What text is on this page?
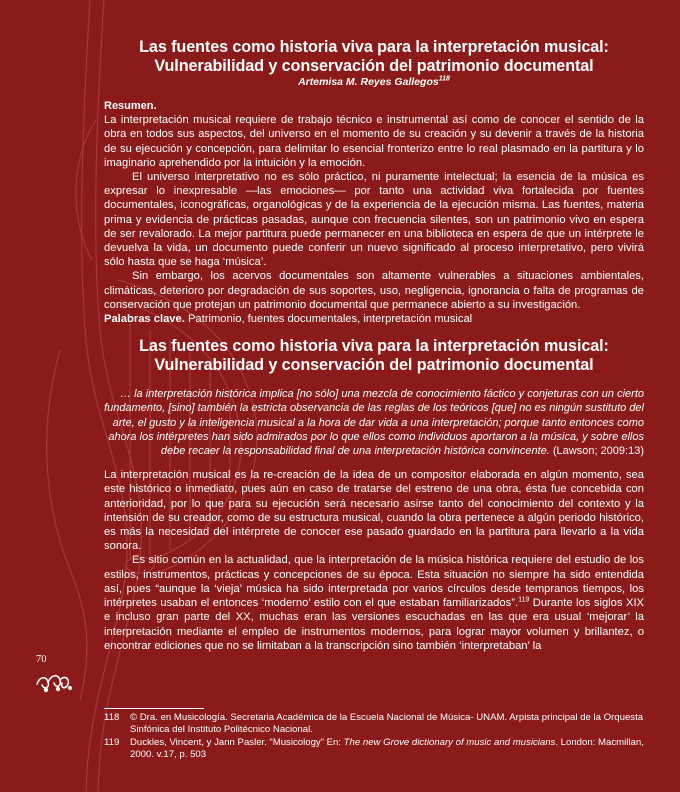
Las fuentes como historia viva para la interpretación musical: Vulnerabilidad y conservación del patrimonio documental

Artemisa M. Reyes Gallegos$^{118}$

Resumen.

La interpretación musical requiere de trabajo técnico e instrumental así como de conocer el sentido de la obra en todos sus aspectos, del universo en el momento de su creación y su devenir a través de la historia de su ejecución y concepción, para delimitar lo esencial fronterizo entre lo real plasmado en la partitura y lo imaginario aprehendido por la intuición y la emoción.

El universo interpretativo no es sólo práctico, ni puramente intelectual; la esencia de la música es expresar lo inexpresable —las emociones— por tanto una actividad viva fortalecida por fuentes documentales, iconográficas, organológicas y de la experiencia de la ejecución misma. Las fuentes, materia prima y evidencia de prácticas pasadas, aunque con frecuencia silentes, son un patrimonio vivo en espera de ser revalorado. La mejor partitura puede permanecer en una biblioteca en espera de que un intérprete le devuelva la vida, un documento puede conferir un nuevo significado al proceso interpretativo, pero vivirá sólo hasta que se haga ‘música’.

Sin embargo, los acervos documentales son altamente vulnerables a situaciones ambientales, climáticas, deterioro por degradación de sus soportes, uso, negligencia, ignorancia o falta de programas de conservación que protejan un patrimonio documental que permanece abierto a su investigación.

Palabras clave. Patrimonio, fuentes documentales, interpretación musical

Las fuentes como historia viva para la interpretación musical: Vulnerabilidad y conservación del patrimonio documental

… la interpretación histórica implica [no sólo] una mezcla de conocimiento fáctico y conjeturas con un cierto fundamento, [sino] también la estricta observancia de las reglas de los teóricos [que] no es ningún sustituto del arte, el gusto y la inteligencia musical a la hora de dar vida a una interpretación; porque tanto entonces como ahora los intérpretes han sido admirados por lo que ellos como individuos aportaron a la música, y sobre ellos debe recaer la responsabilidad final de una interpretación histórica convincente. (Lawson; 2009:13)

La interpretación musical es la re-creación de la idea de un compositor elaborada en algún momento, sea este histórico o inmediato, pues aún en caso de tratarse del estreno de una obra, ésta fue concebida con anterioridad, por lo que para su ejecución será necesario asirse tanto del conocimiento del contexto y la intensión de su creador, como de su estructura musical, cuando la obra pertenece a algún periodo histórico, es más la necesidad del intérprete de conocer ese pasado guardado en la partitura para llevarlo a la vida sonora.

Es sitio común en la actualidad, que la interpretación de la música histórica requiere del estudio de los estilos, instrumentos, prácticas y concepciones de su época. Esta situación no siempre ha sido entendida así, pues “aunque la ‘vieja’ música ha sido interpretada por varios círculos desde tempranos tiempos, los intérpretes usaban el entonces ‘moderno’ estilo con el que estaban familiarizados”.$^{119}$ Durante los siglos XIX e incluso gran parte del XX, muchas eran las versiones escuchadas en las que era usual ‘mejorar’ la interpretación mediante el empleo de instrumentos modernos, para lograr mayor volumen y brillantez, o encontrar ediciones que no se limitaban a la transcripción sino también ‘interpretaban’ la

70
118	© Dra. en Musicología. Secretaria Académica de la Escuela Nacional de Música- UNAM. Arpista principal de la Orquesta Sinfónica del Instituto Politécnico Nacional.
119	Duckles, Vincent, y Jann Pasler. “Musicology” En: The new Grove dictionary of music and musicians. London: Macmillan, 2000. v.17, p. 503
